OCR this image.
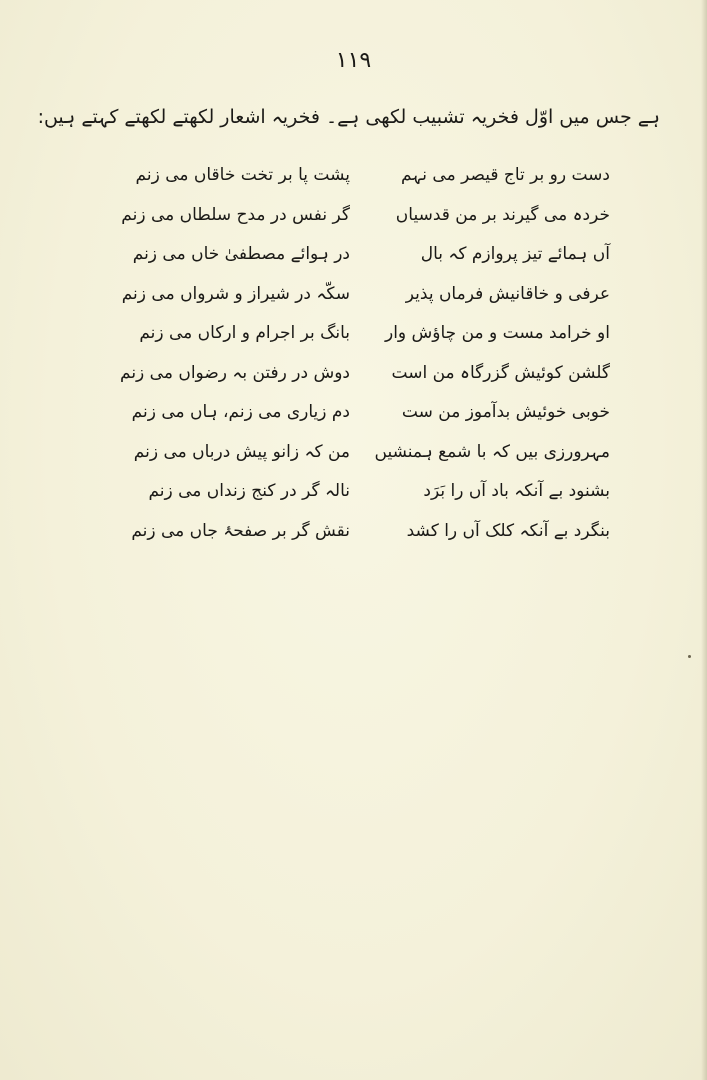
۱۱۹
ہے جس میں اوّل فخریہ تشبیب لکھی ہے۔ فخریہ اشعار لکھتے لکھتے کہتے ہیں:
دست رو بر تاج قیصر می نہم
پشت پا بر تخت خاقاں می زنم
خردہ می گیرند بر من قدسیاں
گر نفس در مدح سلطاں می زنم
آں ہمائے تیز پروازم کہ بال
در ہوائے مصطفیٰ خاں می زنم
عرفی و خاقانیش فرماں پذیر
سکّہ در شیراز و شرواں می زنم
او خرامد مست و من چاؤش وار
بانگ بر اجرام و ارکاں می زنم
گلشن کوئیش گزرگاہ من است
دوش در رفتن بہ رضواں می زنم
خوبی خوئیش بدآموز من ست
دم زیاری می زنم، ہاں می زنم
مہرورزی بیں کہ با شمع ہمنشیں
من کہ زانو پیش درباں می زنم
بشنود بے آنکہ باد آں را بَرَد
نالہ گر در کنج زنداں می زنم
بنگرد بے آنکہ کلک آں را کشد
نقش گر بر صفحۂ جاں می زنم
